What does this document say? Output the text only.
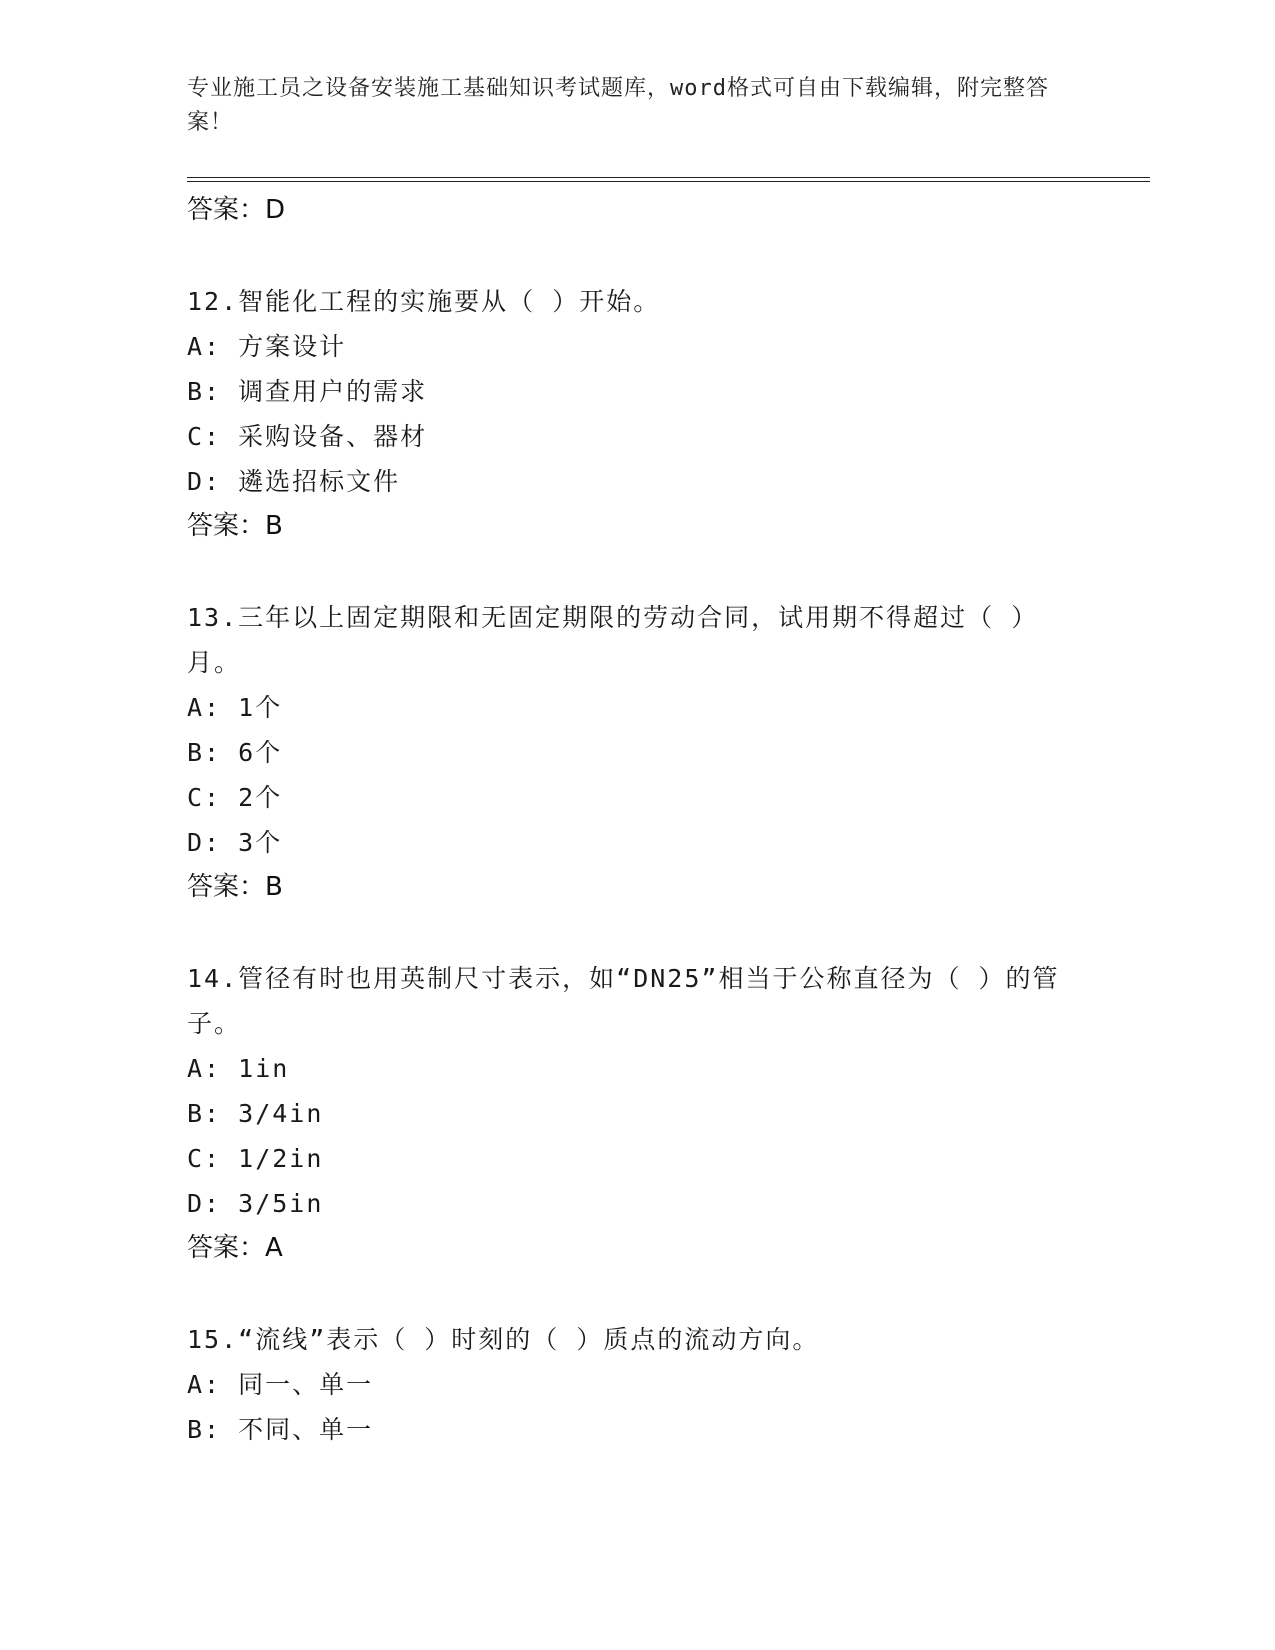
专业施工员之设备安装施工基础知识考试题库，word格式可自由下载编辑，附完整答案！
答案：D
12.智能化工程的实施要从（ ）开始。
A: 方案设计
B: 调查用户的需求
C: 采购设备、器材
D: 遴选招标文件
答案：B
13.三年以上固定期限和无固定期限的劳动合同，试用期不得超过（ ）月。
A: 1个
B: 6个
C: 2个
D: 3个
答案：B
14.管径有时也用英制尺寸表示，如“DN25”相当于公称直径为（ ）的管子。
A: 1in
B: 3/4in
C: 1/2in
D: 3/5in
答案：A
15.“流线”表示（ ）时刻的（ ）质点的流动方向。
A: 同一、单一
B: 不同、单一
